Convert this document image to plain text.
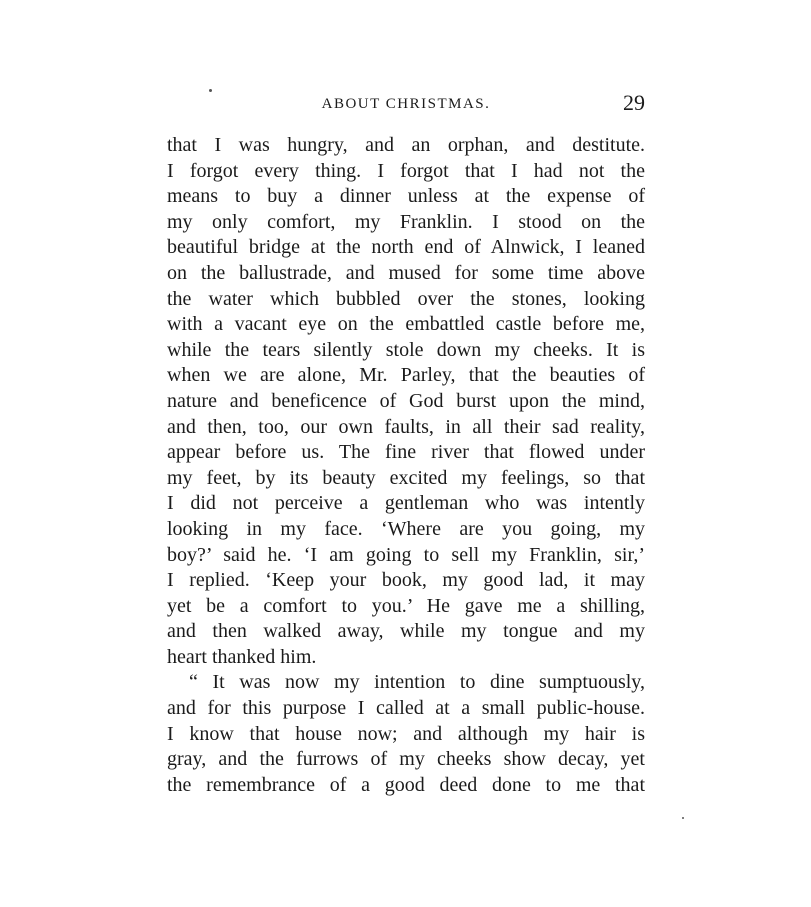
ABOUT CHRISTMAS.	29
that I was hungry, and an orphan, and destitute.
I forgot every thing. I forgot that I had not the
means to buy a dinner unless at the expense of
my only comfort, my Franklin. I stood on the
beautiful bridge at the north end of Alnwick, I leaned
on the ballustrade, and mused for some time above
the water which bubbled over the stones, looking
with a vacant eye on the embattled castle before me,
while the tears silently stole down my cheeks. It is
when we are alone, Mr. Parley, that the beauties of
nature and beneficence of God burst upon the mind,
and then, too, our own faults, in all their sad reality,
appear before us. The fine river that flowed under
my feet, by its beauty excited my feelings, so that
I did not perceive a gentleman who was intently
looking in my face. ‘Where are you going, my
boy?’ said he. ‘I am going to sell my Franklin, sir,’
I replied. ‘Keep your book, my good lad, it may
yet be a comfort to you.’ He gave me a shilling,
and then walked away, while my tongue and my
heart thanked him.
“ It was now my intention to dine sumptuously,
and for this purpose I called at a small public-house.
I know that house now; and although my hair is
gray, and the furrows of my cheeks show decay, yet
the remembrance of a good deed done to me that
